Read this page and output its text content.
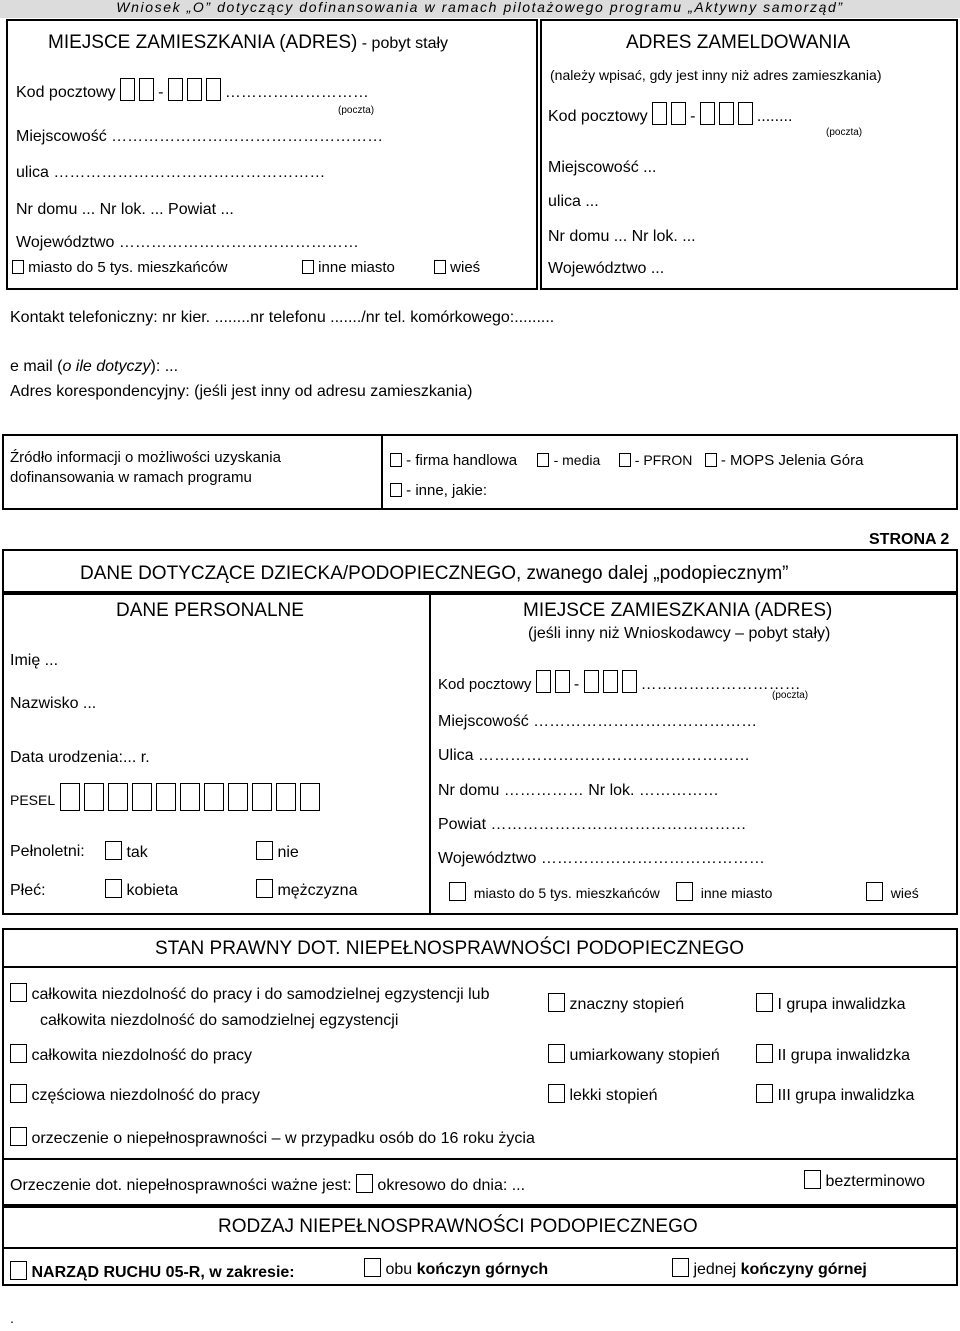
Wniosek „O” dotyczący dofinansowania w ramach pilotażowego programu „Aktywny samorząd”
MIEJSCE ZAMIESZKANIA (ADRES) - pobyt stały
Kod pocztowy	-	………………………
(poczta)
Miejscowość ……………………………………………
ulica ……………………………………………
Nr domu ... Nr lok. ... Powiat ...
Województwo ………………………………………
miasto do 5 tys. mieszkańców	inne miasto	wieś
ADRES ZAMELDOWANIA
(należy wpisać, gdy jest inny niż adres zamieszkania)
Kod pocztowy	-	........
(poczta)
Miejscowość ...
ulica ...
Nr domu ... Nr lok. ...
Województwo ...
Kontakt telefoniczny: nr kier. ........nr telefonu ......./nr tel. komórkowego:.........
e mail (o ile dotyczy): ...
Adres korespondencyjny: (jeśli jest inny od adresu zamieszkania)
Źródło informacji o możliwości uzyskania
dofinansowania w ramach programu
- firma handlowa	- media - PFRON - MOPS Jelenia Góra
- inne, jakie:
STRONA 2
DANE DOTYCZĄCE DZIECKA/PODOPIECZNEGO, zwanego dalej „podopiecznym”
DANE PERSONALNE
Imię ...
Nazwisko ...
Data urodzenia:... r.
PESEL
Pełnoletni:	tak	nie
Płeć:	kobieta	mężczyzna
MIEJSCE ZAMIESZKANIA (ADRES)
(jeśli inny niż Wnioskodawcy – pobyt stały)
Kod pocztowy	-	…………………………
(poczta)
Miejscowość ……………………………………
Ulica ……………………………………………
Nr domu …………… Nr lok. ……………
Powiat …………………………………………
Województwo ……………………………………
miasto do 5 tys. mieszkańców	inne miasto	wieś
STAN PRAWNY DOT. NIEPEŁNOSPRAWNOŚCI PODOPIECZNEGO
całkowita niezdolność do pracy i do samodzielnej egzystencji lub
całkowita niezdolność do samodzielnej egzystencji
znaczny stopień	I grupa inwalidzka
całkowita niezdolność do pracy	umiarkowany stopień	II grupa inwalidzka
częściowa niezdolność do pracy	lekki stopień	III grupa inwalidzka
orzeczenie o niepełnosprawności – w przypadku osób do 16 roku życia
Orzeczenie dot. niepełnosprawności ważne jest: okresowo do dnia: ...	bezterminowo
RODZAJ NIEPEŁNOSPRAWNOŚCI PODOPIECZNEGO
NARZĄD RUCHU 05-R, w zakresie:	obu kończyn górnych	jednej kończyny górnej
.
